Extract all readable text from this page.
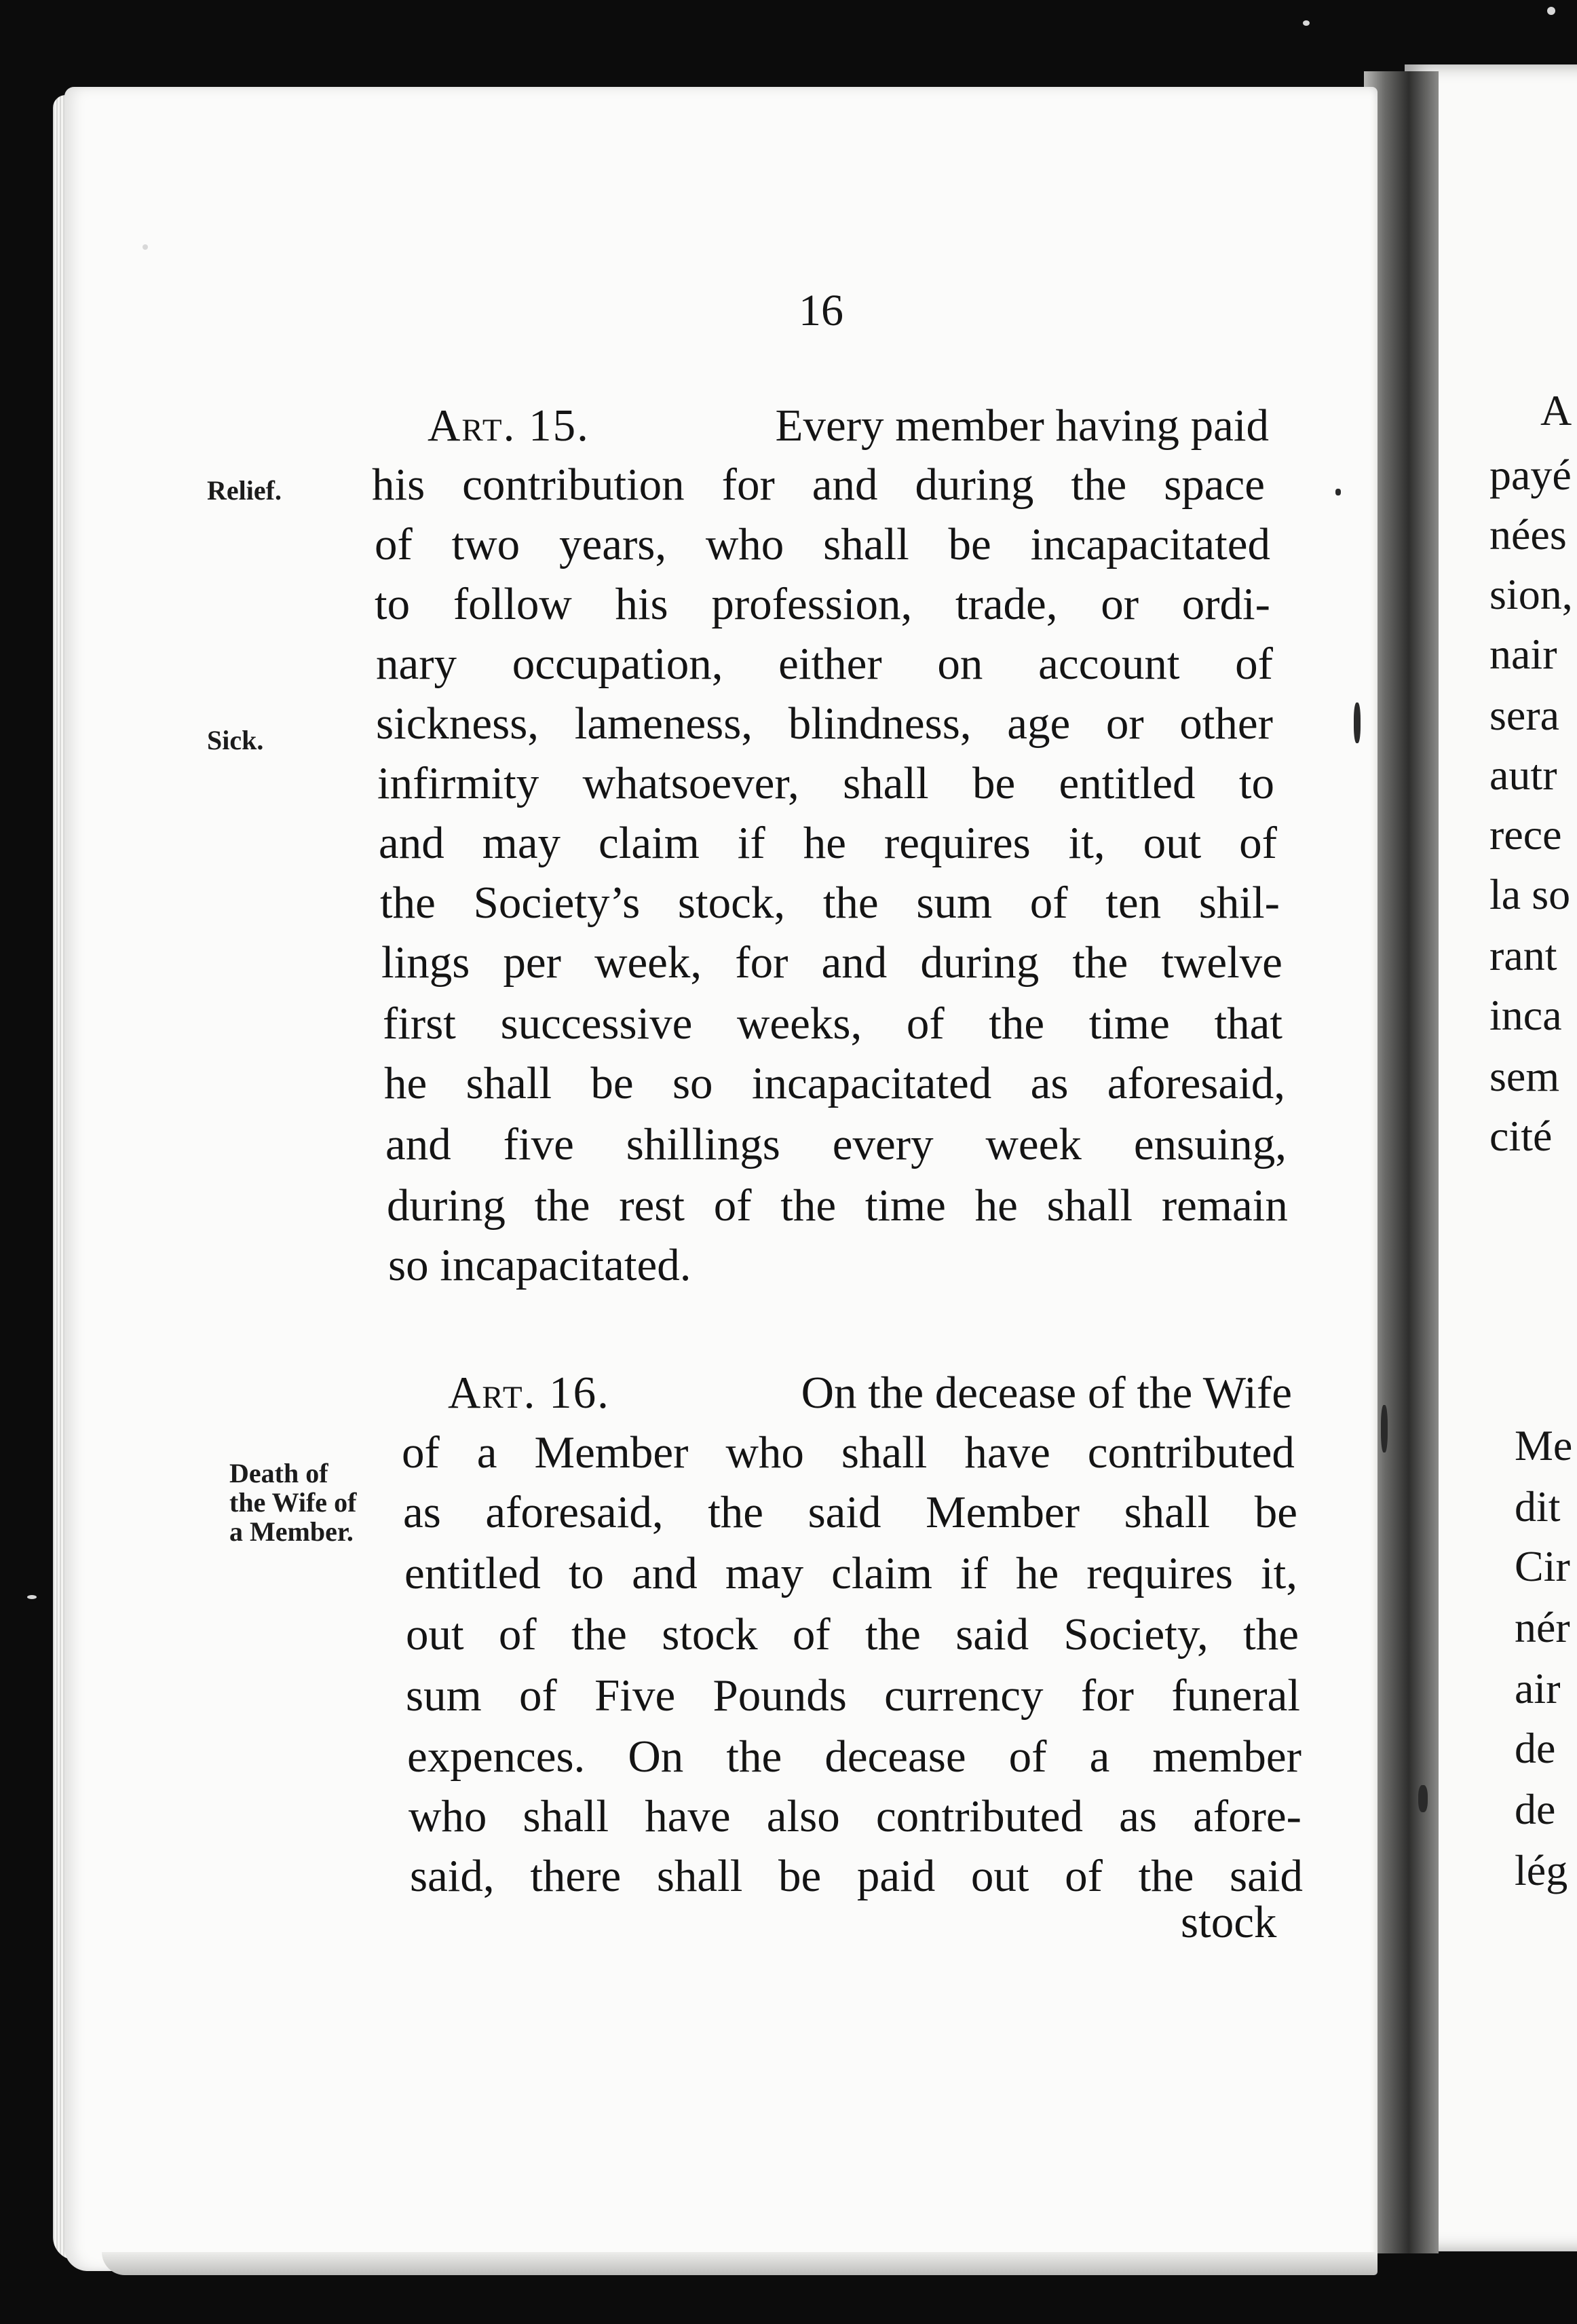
16
Art. 15.	Every member having paid
his contribution for and during the space
of two years, who shall be incapacitated
to follow his profession, trade, or ordi-
nary occupation, either on account of
sickness, lameness, blindness, age or other
infirmity whatsoever, shall be entitled to
and may claim if he requires it, out of
the Society’s stock, the sum of ten shil-
lings per week, for and during the twelve
first successive weeks, of the time that
he shall be so incapacitated as aforesaid,
and five shillings every week ensuing,
during the rest of the time he shall remain
so incapacitated.
Art. 16.	On the decease of the Wife
of a Member who shall have contributed
as aforesaid, the said Member shall be
entitled to and may claim if he requires it,
out of the stock of the said Society, the
sum of Five Pounds currency for funeral
expences. On the decease of a member
who shall have also contributed as afore-
said, there shall be paid out of the said
stock
Relief.
Sick.
Death of
the Wife of
a Member.
A
payé
nées
sion,
nair
sera
autr
rece
la so
rant
inca
sem
cité
Me
dit
Cir
nér
air
de
de
lég
